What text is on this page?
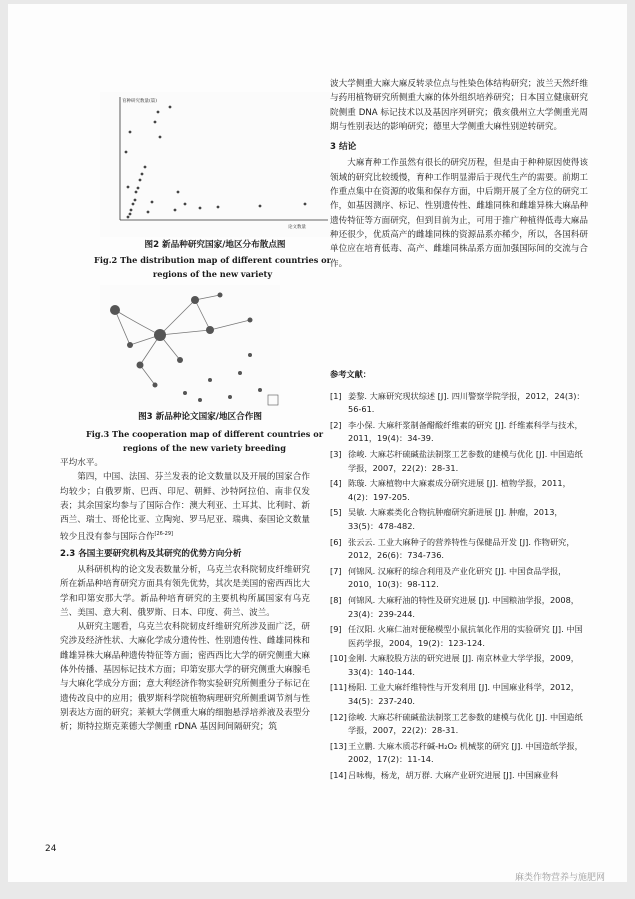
育种研究数量(篇)
论文数量
图2 新品种研究国家/地区分布散点图
Fig.2 The distribution map of different countries or
regions of the new variety
图3 新品种论文国家/地区合作图
Fig.3 The cooperation map of different countries or
regions of the new variety breeding

平均水平。

第四，中国、法国、芬兰发表的论文数量以及开展的国家合作均较少；白俄罗斯、巴西、印尼、朝鲜、沙特阿拉伯、南非仅发表；其余国家均参与了国际合作：澳大利亚、土耳其、比利时、新西兰、瑞士、哥伦比亚、立陶宛、罗马尼亚、瑞典、泰国论文数量较少且没有参与国际合作[26-29]

2.3 各国主要研究机构及其研究的优势方向分析

从科研机构的论文发表数量分析，乌克兰农科院韧皮纤维研究所在新品种培育研究方面具有领先优势，其次是美国的密西西比大学和印第安那大学。新品种培育研究的主要机构所属国家有乌克兰、美国、意大利、俄罗斯、日本、印度、荷兰、波兰。

从研究主题看，乌克兰农科院韧皮纤维研究所涉及面广泛，研究涉及经济性状、大麻化学成分遗传性、性别遗传性、雌雄同株和雌雄异株大麻品种遗传特征等方面；密西西比大学的研究侧重大麻体外传播、基因标记技术方面；印第安那大学的研究侧重大麻腺毛与大麻化学成分方面；意大利经济作物实验研究所侧重分子标记在遗传改良中的应用；俄罗斯科学院植物病理研究所侧重调节剂与性别表达方面的研究；莱顿大学侧重大麻的细胞悬浮培养液及表型分析；斯特拉斯克莱德大学侧重 rDNA 基因间间隔研究；筑

波大学侧重大麻大麻反转录位点与性染色体结构研究；波兰天然纤维与药用植物研究所侧重大麻的体外组织培养研究；日本国立健康研究院侧重 DNA 标记技术以及基因序列研究；俄亥俄州立大学侧重光周期与性别表达的影响研究；德里大学侧重大麻性别逆转研究。

3 结论

大麻育种工作虽然有很长的研究历程，但是由于种种原因使得该领域的研究比较缓慢，育种工作明显滞后于现代生产的需要。前期工作重点集中在资源的收集和保存方面，中后期开展了全方位的研究工作，如基因测序、标记、性别遗传性、雌雄同株和雌雄异株大麻品种遗传特征等方面研究，但到目前为止，可用于推广种植得低毒大麻品种还很少，优质高产的雌雄同株的资源品系亦稀少，所以，各国科研单位应在培育低毒、高产、雌雄同株品系方面加强国际间的交流与合作。

参考文献：
[1] 姜黎. 大麻研究现状综述 [J]. 四川警察学院学报，2012，24(3)：56-61.
[2] 李小保. 大麻秆浆制备醋酸纤维素的研究 [J]. 纤维素科学与技术，2011，19(4)：34-39.
[3] 徐峻. 大麻芯秆硫碱盐法制浆工艺参数的建模与优化 [J]. 中国造纸学报，2007，22(2)：28-31.
[4] 陈璇. 大麻植物中大麻素成分研究进展 [J]. 植物学报，2011，4(2)：197-205.
[5] 吴敏. 大麻素类化合物抗肿瘤研究新进展 [J]. 肿瘤，2013，33(5)：478-482.
[6] 张云云. 工业大麻种子的营养特性与保健品开发 [J]. 作物研究，2012，26(6)：734-736.
[7] 何锦风. 汉麻籽的综合利用及产业化研究 [J]. 中国食品学报，2010，10(3)：98-112.
[8] 何锦风. 大麻籽油的特性及研究进展 [J]. 中国粮油学报，2008，23(4)：239-244.
[9] 任汉阳. 火麻仁油对便秘模型小鼠抗氧化作用的实验研究 [J]. 中国医药学报，2004，19(2)：123-124.
[10] 金刚. 大麻胶股方法的研究进展 [J]. 南京林业大学学报，2009，33(4)：140-144.
[11] 杨阳. 工业大麻纤维特性与开发利用 [J]. 中国麻业科学，2012，34(5)：237-240.
[12] 徐峻. 大麻芯秆硫碱盐法制浆工艺参数的建模与优化 [J]. 中国造纸学报，2007，22(2)：28-31.
[13] 王立鹏. 大麻木质芯秆碱-H₂O₂ 机械浆的研究 [J]. 中国造纸学报，2002，17(2)：11-14.
[14] 吕咏梅，杨龙，胡万群. 大麻产业研究进展 [J]. 中国麻业科
24
麻类作物营养与施肥网
